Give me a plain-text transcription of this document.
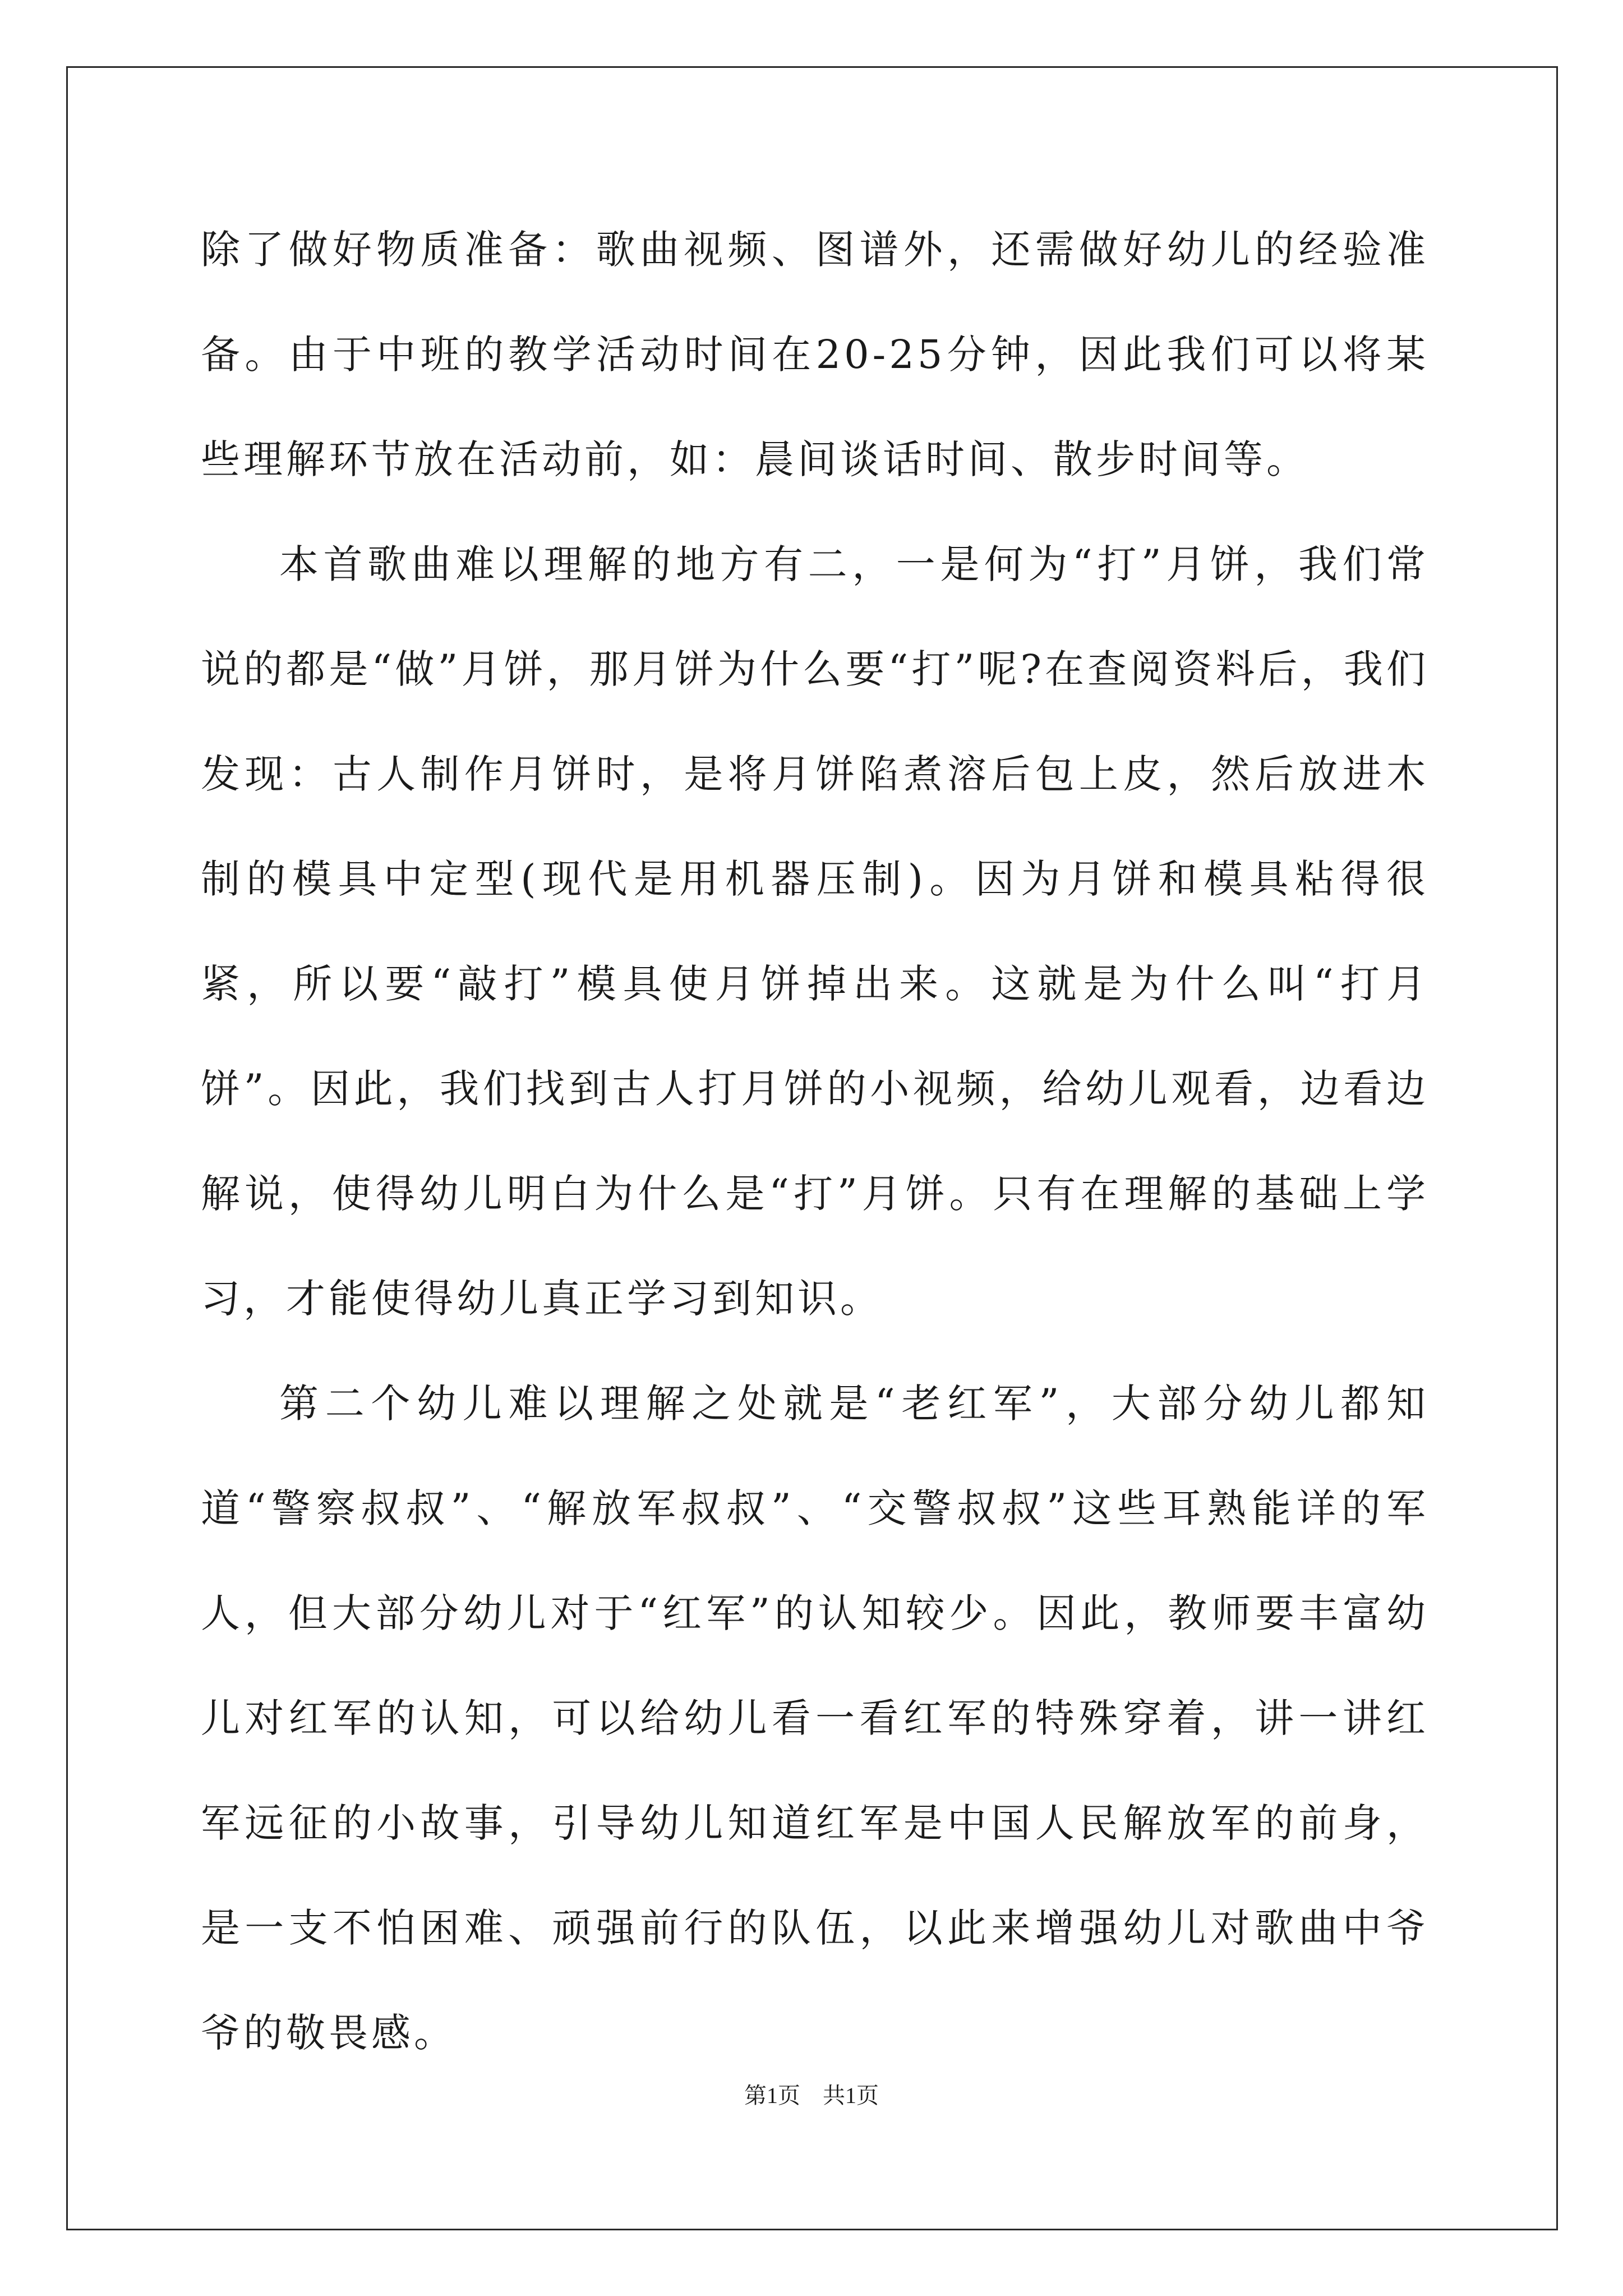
除了做好物质准备：歌曲视频、图谱外，还需做好幼儿的经验准备。由于中班的教学活动时间在20-25分钟，因此我们可以将某些理解环节放在活动前，如：晨间谈话时间、散步时间等。

本首歌曲难以理解的地方有二，一是何为“打”月饼，我们常说的都是“做”月饼，那月饼为什么要“打”呢?在查阅资料后，我们发现：古人制作月饼时，是将月饼陷煮溶后包上皮，然后放进木制的模具中定型(现代是用机器压制)。因为月饼和模具粘得很紧，所以要“敲打”模具使月饼掉出来。这就是为什么叫“打月饼”。因此，我们找到古人打月饼的小视频，给幼儿观看，边看边解说，使得幼儿明白为什么是“打”月饼。只有在理解的基础上学习，才能使得幼儿真正学习到知识。

第二个幼儿难以理解之处就是“老红军”，大部分幼儿都知道“警察叔叔”、“解放军叔叔”、“交警叔叔”这些耳熟能详的军人，但大部分幼儿对于“红军”的认知较少。因此，教师要丰富幼儿对红军的认知，可以给幼儿看一看红军的特殊穿着，讲一讲红军远征的小故事，引导幼儿知道红军是中国人民解放军的前身，是一支不怕困难、顽强前行的队伍，以此来增强幼儿对歌曲中爷爷的敬畏感。

第1页　共1页
